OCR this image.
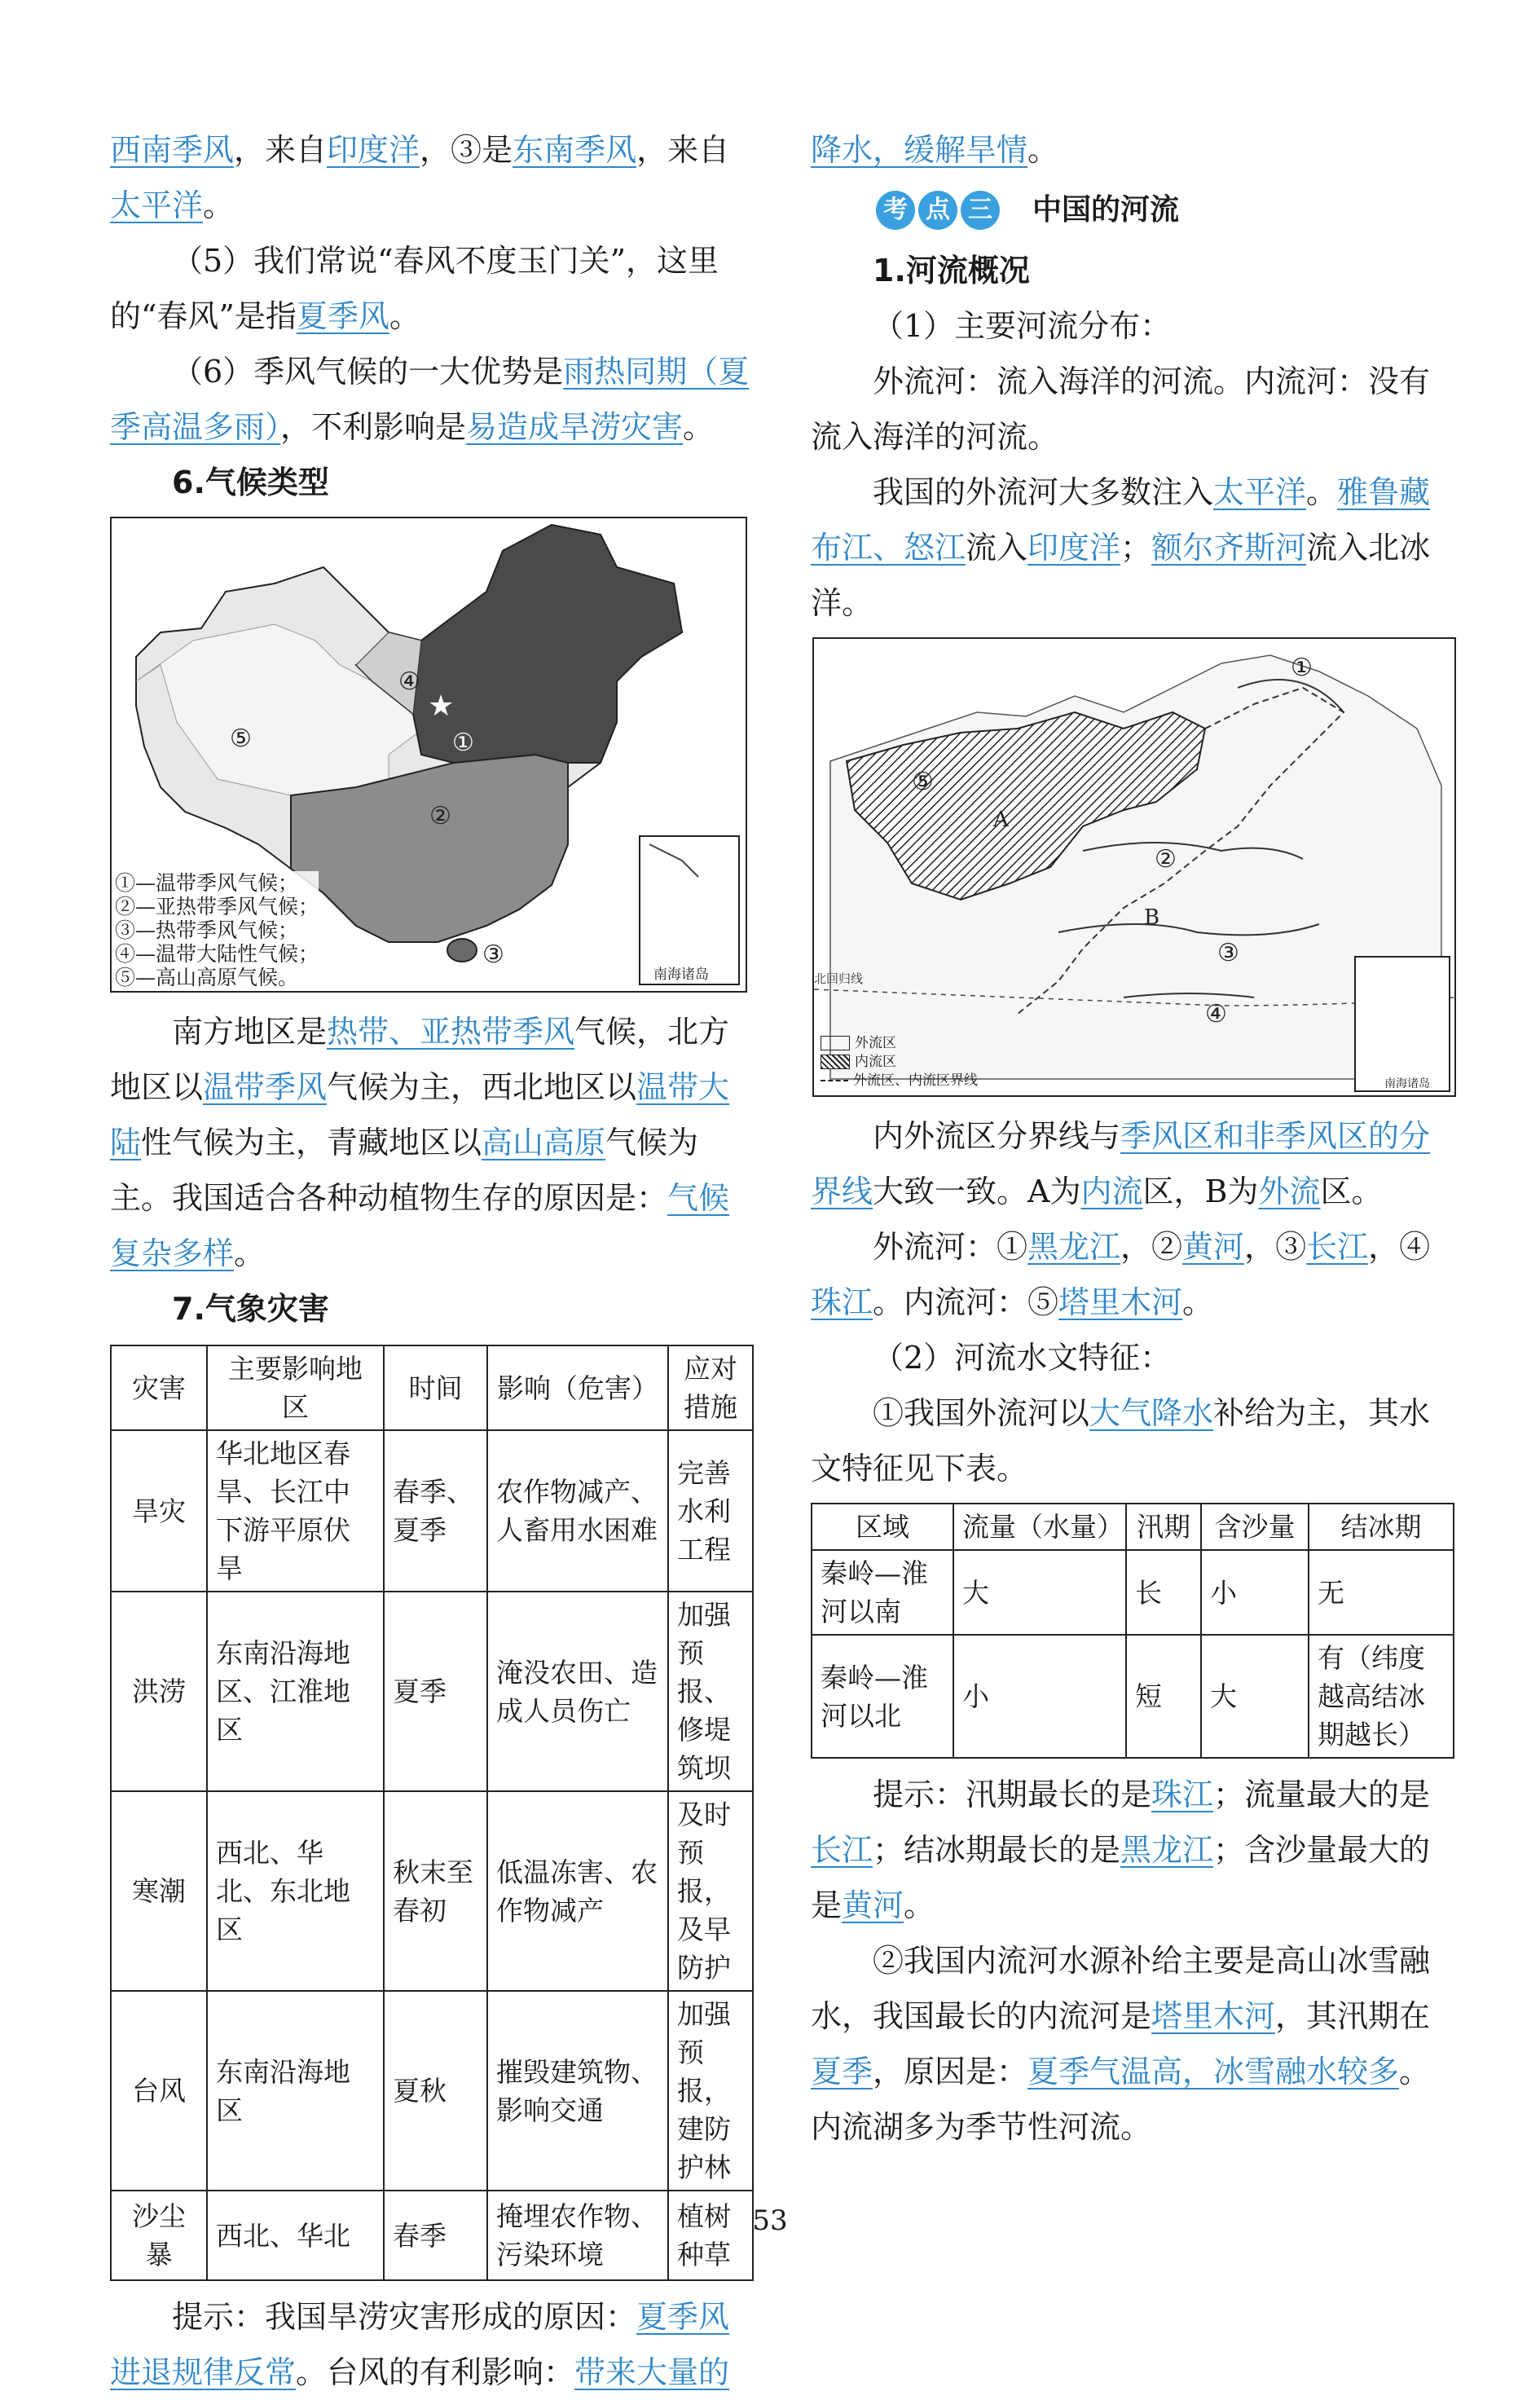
西南季风，来自印度洋，③是东南季风，来自太平洋。

（5）我们常说“春风不度玉门关”，这里的“春风”是指夏季风。

（6）季风气候的一大优势是雨热同期（夏季高温多雨），不利影响是易造成旱涝灾害。

6.气候类型

★
①
②
③
④
⑤
南海诸岛
①—温带季风气候；
②—亚热带季风气候；
③—热带季风气候；
④—温带大陆性气候；
⑤—高山高原气候。

南方地区是热带、亚热带季风气候，北方地区以温带季风气候为主，西北地区以温带大陆性气候为主，青藏地区以高山高原气候为主。我国适合各种动植物生存的原因是：气候复杂多样。

7.气象灾害

灾害	主要影响地区	时间	影响（危害）	应对措施
旱灾	华北地区春旱、长江中下游平原伏旱	春季、夏季	农作物减产、人畜用水困难	完善水利工程
洪涝	东南沿海地区、江淮地区	夏季	淹没农田、造成人员伤亡	加强预报、修堤筑坝
寒潮	西北、华北、东北地区	秋末至春初	低温冻害、农作物减产	及时预报，及早防护
台风	东南沿海地区	夏秋	摧毁建筑物、影响交通	加强预报，建防护林
沙尘暴	西北、华北	春季	掩埋农作物、污染环境	植树种草

提示：我国旱涝灾害形成的原因：夏季风进退规律反常。台风的有利影响：带来大量的

降水，缓解旱情。

考 点 三 中国的河流

1.河流概况

（1）主要河流分布：

外流河：流入海洋的河流。内流河：没有流入海洋的河流。

我国的外流河大多数注入太平洋。雅鲁藏布江、怒江流入印度洋；额尔齐斯河流入北冰洋。

①
②
③
④
⑤
A
B
北回归线
南海诸岛
外流区
内流区
外流区、内流区界线

内外流区分界线与季风区和非季风区的分界线大致一致。A为内流区，B为外流区。

外流河：①黑龙江，②黄河，③长江，④珠江。内流河：⑤塔里木河。

（2）河流水文特征：

①我国外流河以大气降水补给为主，其水文特征见下表。

区域	流量（水量）	汛期	含沙量	结冰期
秦岭—淮河以南	大	长	小	无
秦岭—淮河以北	小	短	大	有（纬度越高结冰期越长）

提示：汛期最长的是珠江；流量最大的是长江；结冰期最长的是黑龙江；含沙量最大的是黄河。

②我国内流河水源补给主要是高山冰雪融水，我国最长的内流河是塔里木河，其汛期在夏季，原因是：夏季气温高，冰雪融水较多。内流湖多为季节性河流。

53
